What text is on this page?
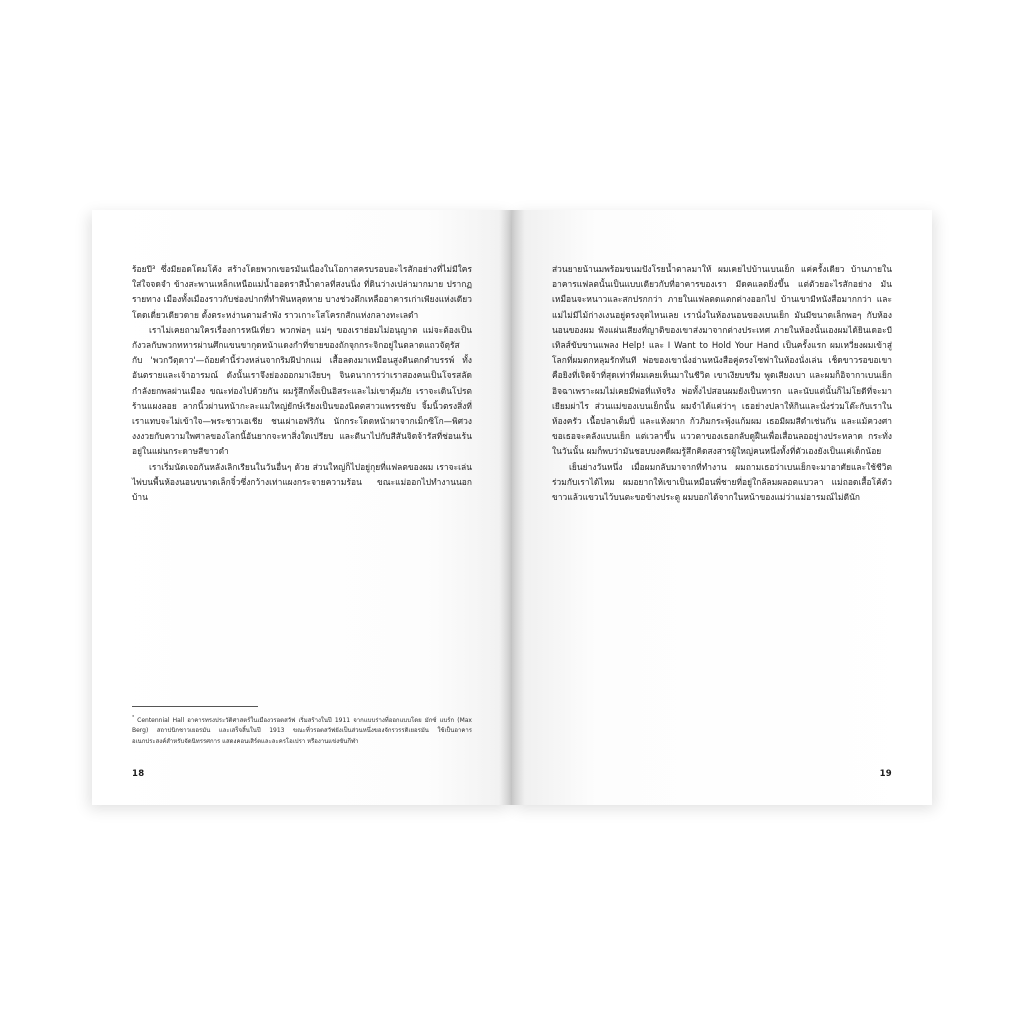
ร้อยปี³ ซึ่งมียอดโดมโค้ง สร้างโดยพวกเขอรมันเนื่องในโอกาสครบรอบอะไรสักอย่างที่ไม่มีใครใส่ใจจดจำ ข้างสะพานเหล็กเหนือแม่น้ำออดราสีน้ำตาลที่สงนนิ่ง ที่ดินว่างเปล่ามากมาย ปรากฏรายทาง เมืองทั้งเมืองราวกับช่องปากที่ทำฟันหลุดหาย บางช่วงตึกเหลืออาคารเก่าเพียงแห่งเดียว โดดเดี่ยวเดียวดาย ตั้งตระหง่านตามลำพัง ราวเกาะโสโครกสักแห่งกลางทะเลดำ

เราไม่เคยถามใครเรื่องการหนีเที่ยว พวกพ่อๆ แม่ๆ ของเราย่อมไม่อนุญาต แม่จะต้องเป็นกังวลกับพวกทหารผ่านศึกแขนขากุดหน้าแดงกำที่ขายของถักจุกกระจิกอยู่ในตลาดแถวจัตุรัส กับ 'พวกวีตุดาว'—ถ้อยคำนี้ร่วงหล่นจากริมฝีปากแม่ เสื้อลดงมาเหมือนสูงตีนตกตำบรรพ์ ทั้งอันตรายและเจ้าอารมณ์ ดังนั้นเราจึงย่องออกมาเงียบๆ จินตนาการว่าเราสองคนเป็นโจรสลัดกำลังยกพลผ่านเมือง ขณะท่องไปด้วยกัน ผมรู้สึกทั้งเป็นอิสระและไม่เขาคุ้มภัย เราจะเดินโปรตร้านแผงลอย ลากนิ้วผ่านหน้ากะละแมใหญ่ยักษ์เรียงเป็นของนิตตสาวแพรรซยับ จิ้มนิ้วตรงสิ่งที่เราแทบจะไม่เข้าใจ—พระชาวเอเชีย ชนเผ่าเอฟริกัน นักกระโดดหน้าผาจากเม็กซิโก—พิศวงงงงวยกับความใพศาลของโลกนี้อันยากจะหาสิ่งใดเปรียบ และตีนาไปกับสีสันจิดจ้ารัสที่ช่อนเร้นอยู่ในแผ่นกระดาษสีขาวดำ

เราเริ่มนัดเจอกันหลังเลิกเรียนในวันอื่นๆ ด้วย ส่วนใหญ่ก็ไปอยู่กุยที่แฟลตของผม เราจะเล่นไพ่บนพื้นห้องนอนขนาดเล็กจิ๋วซึ่งกว้างเท่าแผงกระจายความร้อน ขณะแม่ออกไปทำงานนอกบ้าน

$^{^3}$ Centennial Hall อาคารทรงประวัติศาสตร์ในเมืองวรอตสวัฟ เริ่มสร้างในปี 1911 จากแบบร่างที่ออกแบบโดย มักซ์ แบร์ก (Max Berg) สถาปนิกชาวเยอรมัน และเสร็จสิ้นในปี 1913 ขณะที่วรอตสวัฟยังเป็นส่วนหนึ่งของจักรวรรดิเยอรมัน ใช้เป็นอาคารอเนกประสงค์สำหรับจัดนิทรรศการ แสดงคอนเสิร์ตและละครโอเปรา หรืองานแข่งขันกีฬา
18

ส่วนยายน้านมพร้อมขนมปังโรยน้ำตาลมาให้ ผมเคยไปบ้านเบนเย็ก แค่ครั้งเดียว บ้านภายในอาคารแฟลตนั้นเป็นแบบเดียวกับที่อาคารของเรา มีดคแลตยิ่งขึ้น แต่ตัวยอะไรสักอย่าง มันเหมือนจะหนาวและสกปรกกว่า ภายในแฟลตดแตกต่างออกไป บ้านเขามีหนังสือมากกว่า และแม่ไม่มีไม้ก่างเงนอยู่ตรงจุดไหนเลย เรานั่งในห้องนอนของเบนเย็ก มันมีขนาดเล็กพอๆ กับห้องนอนของผม ฟังแผ่นเสียงที่ญาติของเขาส่งมาจากต่างประเทศ ภายในห้องนั้นเองผมได้ยินเดอะบีเทิลส์ขับขานแพลง Help! และ I Want to Hold Your Hand เป็นครั้งแรก ผมเหวี่ยงผมเข้าสู่โลกที่ผมตกหลุมรักทันที พ่อของเขานั่งอ่านหนังสือคู่ตรงโซฟาในห้องนั่งเล่น เช็ดขาวรอขอเขา คือยิงที่เจิดจ้าที่สุดเท่าที่ผมเคยเห็นมาในชีวิต เขาเงียบขรีม พูดเสียงเบา และผมก็อิจากาเบนเย็ก อิจฉาเพราะผมไม่เคยมีพ่อที่แท้จริง พ่อทั้งไปสอนผมยังเป็นทารก และนับแต่นั้นก็ไม่โยดีที่จะมาเยียมผ่าไร ส่วนแม่ของเบนเย็กนั้น ผมจำได้แค่ว่าๆ เธอย่างปลาให้กินและนั่งร่วมโต๊ะกับเราในห้องครัว เนื้อปลาเต็มปี่ และแห้งผาก ก้วภิมกระพุ้งแก้มผม เธอมีผมสีดำเช่นกัน และแม้ควงศาขอเธอจะคลังแบนเย็ก แต่เวลาขึ้น แววตาของเธอกลับดูฝืนเพื่อเสื่อนลออยู่างประหลาด กระทั่งในวันนั้น ผมก็พบว่ามันชอบบงคดีผมรู้สึกคิดสงสารผู้ใหญ่คนหนึ่งทั้งที่ตัวเองยังเป็นแค่เด็กน้อย

เย็นย่างวันหนึ่ง เมื่อผมกลับมาจากที่ทำงาน ผมถามเธอว่าเบนเย็กจะมาอาศัยและใช้ชีวิตร่วมกับเราได้ไหม ผมอยากให้เขาเป็นเหมือนพี่ชายที่อยู่ใกล้ลมผลอตแบวลา แม่ถอดเสื้อโค้ตัวขาวแล้วแขวนไว้บนตะขอข้างประตู ผมบอกได้จากในหน้าของแม่ว่าแม่อารมณ์ไม่ดีนัก

19
